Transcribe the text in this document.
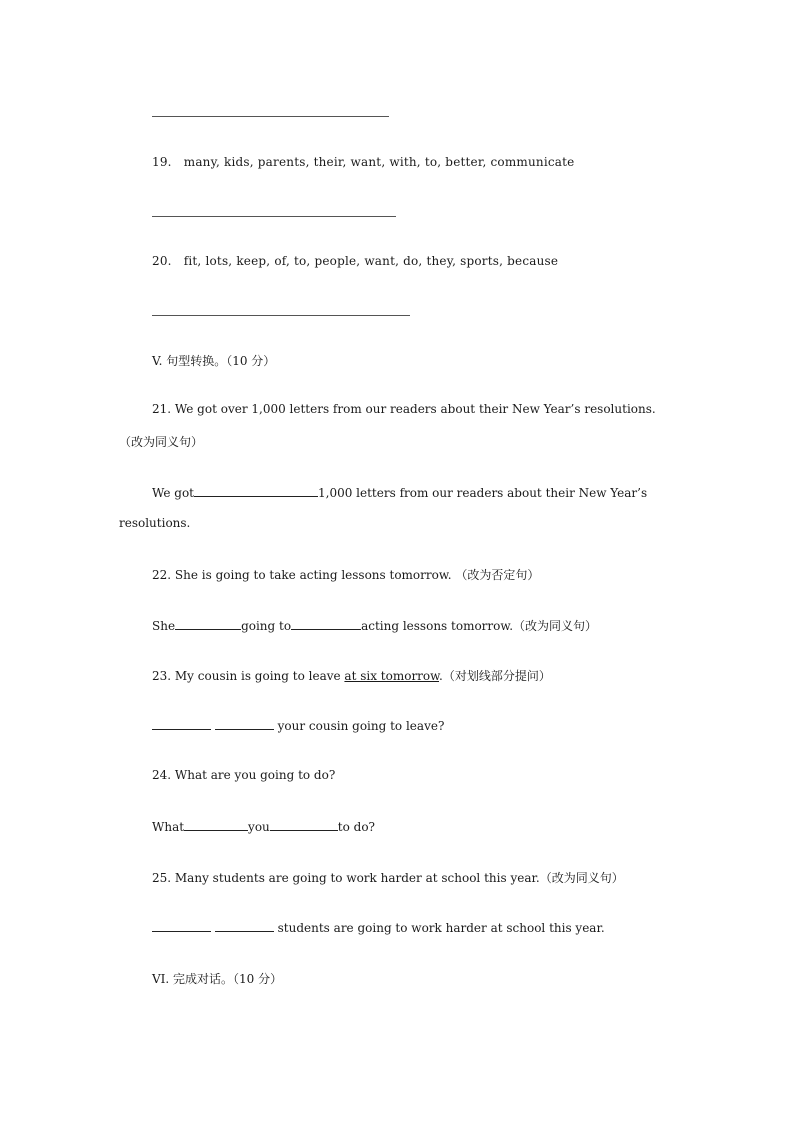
19. many, kids, parents, their, want, with, to, better, communicate
20. fit, lots, keep, of, to, people, want, do, they, sports, because
V. 句型转换。（10 分）
21. We got over 1,000 letters from our readers about their New Year’s resolutions.
（改为同义句）
We got	1,000 letters from our readers about their New Year’s
resolutions.
22. She is going to take acting lessons tomorrow. （改为否定句）
She	going to	acting lessons tomorrow.（改为同义句）
23. My cousin is going to leave at six tomorrow.（对划线部分提问）
your cousin going to leave?
24. What are you going to do?
What	you	to do?
25. Many students are going to work harder at school this year.（改为同义句）
students are going to work harder at school this year.
VI. 完成对话。（10 分）
